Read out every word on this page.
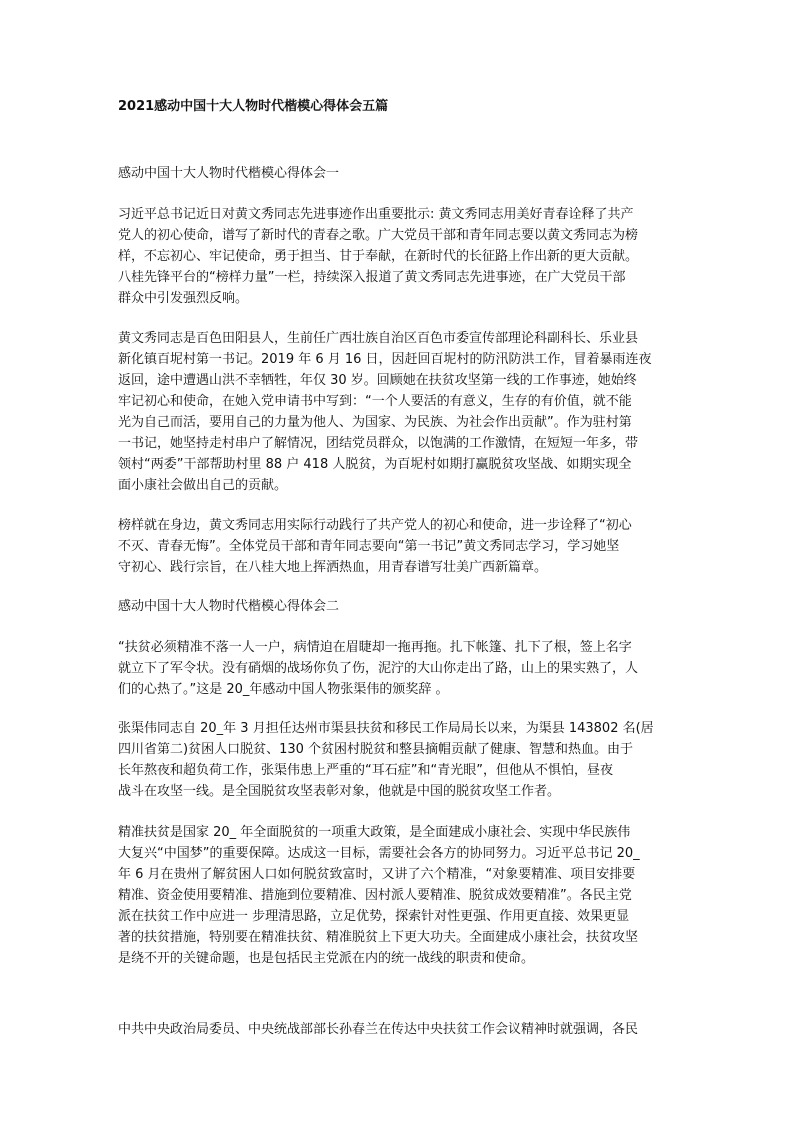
2021感动中国十大人物时代楷模心得体会五篇
感动中国十大人物时代楷模心得体会一
习近平总书记近日对黄文秀同志先进事迹作出重要批示: 黄文秀同志用美好青春诠释了共产
党人的初心使命，谱写了新时代的青春之歌。广大党员干部和青年同志要以黄文秀同志为榜
样，不忘初心、牢记使命，勇于担当、甘于奉献，在新时代的长征路上作出新的更大贡献。
八桂先锋平台的“榜样力量”一栏，持续深入报道了黄文秀同志先进事迹，在广大党员干部
群众中引发强烈反响。
黄文秀同志是百色田阳县人，生前任广西壮族自治区百色市委宣传部理论科副科长、乐业县
新化镇百坭村第一书记。2019 年 6 月 16 日，因赶回百坭村的防汛防洪工作，冒着暴雨连夜
返回，途中遭遇山洪不幸牺牲，年仅 30 岁。回顾她在扶贫攻坚第一线的工作事迹，她始终
牢记初心和使命，在她入党申请书中写到：“一个人要活的有意义，生存的有价值，就不能
光为自己而活，要用自己的力量为他人、为国家、为民族、为社会作出贡献”。作为驻村第
一书记，她坚持走村串户了解情况，团结党员群众，以饱满的工作激情，在短短一年多，带
领村“两委”干部帮助村里 88 户 418 人脱贫，为百坭村如期打赢脱贫攻坚战、如期实现全
面小康社会做出自己的贡献。
榜样就在身边，黄文秀同志用实际行动践行了共产党人的初心和使命，进一步诠释了“初心
不灭、青春无悔”。全体党员干部和青年同志要向“第一书记”黄文秀同志学习，学习她坚
守初心、践行宗旨，在八桂大地上挥洒热血，用青春谱写壮美广西新篇章。
感动中国十大人物时代楷模心得体会二
“扶贫必须精准不落一人一户，病情迫在眉睫却一拖再拖。扎下帐篷、扎下了根，签上名字
就立下了军令状。没有硝烟的战场你负了伤，泥泞的大山你走出了路，山上的果实熟了，人
们的心热了。”这是 20_年感动中国人物张渠伟的颁奖辞 。
张渠伟同志自 20_年 3 月担任达州市渠县扶贫和移民工作局局长以来，为渠县 143802 名(居
四川省第二)贫困人口脱贫、130 个贫困村脱贫和整县摘帽贡献了健康、智慧和热血。由于
长年熬夜和超负荷工作，张渠伟患上严重的“耳石症”和“青光眼”，但他从不惧怕，昼夜
战斗在攻坚一线。是全国脱贫攻坚表彰对象，他就是中国的脱贫攻坚工作者。
精准扶贫是国家 20_ 年全面脱贫的一项重大政策，是全面建成小康社会、实现中华民族伟
大复兴“中国梦”的重要保障。达成这一目标，需要社会各方的协同努力。习近平总书记 20_
年 6 月在贵州了解贫困人口如何脱贫致富时，又讲了六个精准，“对象要精准、项目安排要
精准、资金使用要精准、措施到位要精准、因村派人要精准、脱贫成效要精准”。各民主党
派在扶贫工作中应进一 步理清思路，立足优势，探索针对性更强、作用更直接、效果更显
著的扶贫措施，特别要在精准扶贫、精准脱贫上下更大功夫。全面建成小康社会，扶贫攻坚
是绕不开的关键命题，也是包括民主党派在内的统一战线的职责和使命。
中共中央政治局委员、中央统战部部长孙春兰在传达中央扶贫工作会议精神时就强调，各民
